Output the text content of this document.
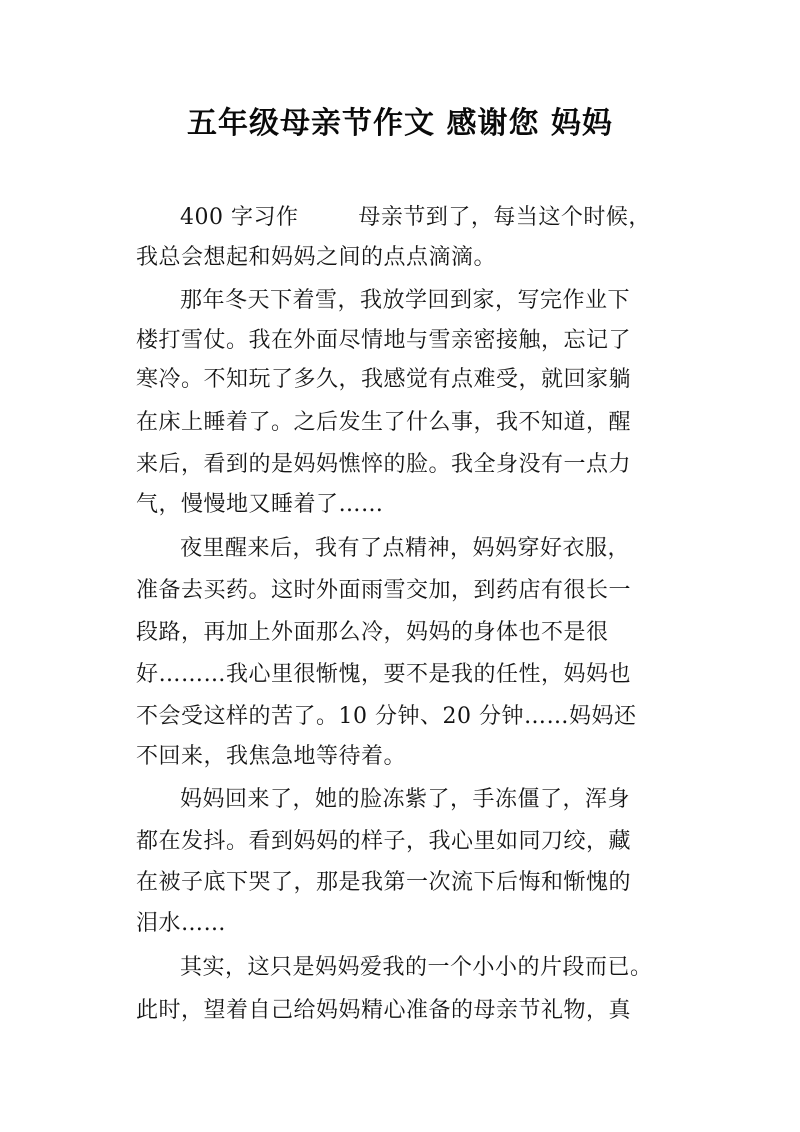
五年级母亲节作文 感谢您 妈妈
400 字习作        母亲节到了，每当这个时候，
我总会想起和妈妈之间的点点滴滴。
那年冬天下着雪，我放学回到家，写完作业下
楼打雪仗。我在外面尽情地与雪亲密接触，忘记了
寒冷。不知玩了多久，我感觉有点难受，就回家躺
在床上睡着了。之后发生了什么事，我不知道，醒
来后，看到的是妈妈憔悴的脸。我全身没有一点力
气，慢慢地又睡着了……
夜里醒来后，我有了点精神，妈妈穿好衣服，
准备去买药。这时外面雨雪交加，到药店有很长一
段路，再加上外面那么冷，妈妈的身体也不是很
好………我心里很惭愧，要不是我的任性，妈妈也
不会受这样的苦了。10 分钟、20 分钟……妈妈还
不回来，我焦急地等待着。
妈妈回来了，她的脸冻紫了，手冻僵了，浑身
都在发抖。看到妈妈的样子，我心里如同刀绞，藏
在被子底下哭了，那是我第一次流下后悔和惭愧的
泪水……
其实，这只是妈妈爱我的一个小小的片段而已。
此时，望着自己给妈妈精心准备的母亲节礼物，真
